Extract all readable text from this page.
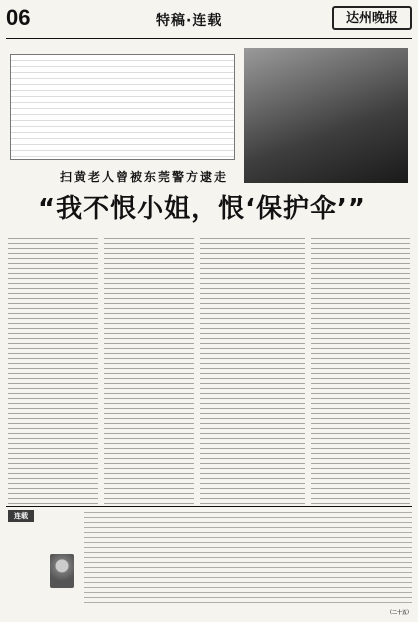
06	特稿·连载	达州晚报
扫黄老人曾被东莞警方逮走
“我不恨小姐，恨‘保护伞’”
连载
（二十五）
